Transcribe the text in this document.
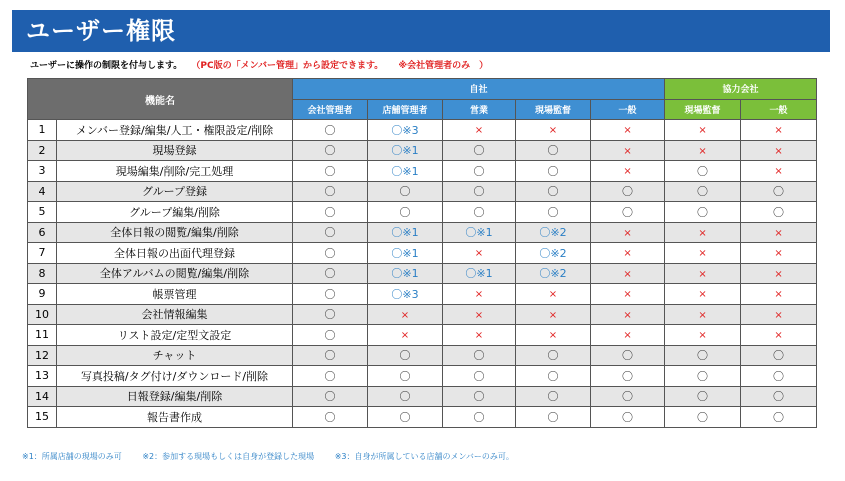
ユーザー権限
ユーザーに操作の制限を付与します。 （PC版の「メンバー管理」から設定できます。 ※会社管理者のみ　）
機能名		自社					協力会社	
		会社管理者	店舗管理者	営業	現場監督	一般	現場監督	一般
1	メンバー登録/編集/人工・権限設定/削除	〇	〇※3	×	×	×	×	×
2	現場登録	〇	〇※1	〇	〇	×	×	×
3	現場編集/削除/完工処理	〇	〇※1	〇	〇	×	〇	×
4	グループ登録	〇	〇	〇	〇	〇	〇	〇
5	グループ編集/削除	〇	〇	〇	〇	〇	〇	〇
6	全体日報の閲覧/編集/削除	〇	〇※1	〇※1	〇※2	×	×	×
7	全体日報の出面代理登録	〇	〇※1	×	〇※2	×	×	×
8	全体アルバムの閲覧/編集/削除	〇	〇※1	〇※1	〇※2	×	×	×
9	帳票管理	〇	〇※3	×	×	×	×	×
10	会社情報編集	〇	×	×	×	×	×	×
11	リスト設定/定型文設定	〇	×	×	×	×	×	×
12	チャット	〇	〇	〇	〇	〇	〇	〇
13	写真投稿/タグ付け/ダウンロード/削除	〇	〇	〇	〇	〇	〇	〇
14	日報登録/編集/削除	〇	〇	〇	〇	〇	〇	〇
15	報告書作成	〇	〇	〇	〇	〇	〇	〇
※1：所属店舗の現場のみ可	※2：参加する現場もしくは自身が登録した現場	※3：自身が所属している店舗のメンバーのみ可。
